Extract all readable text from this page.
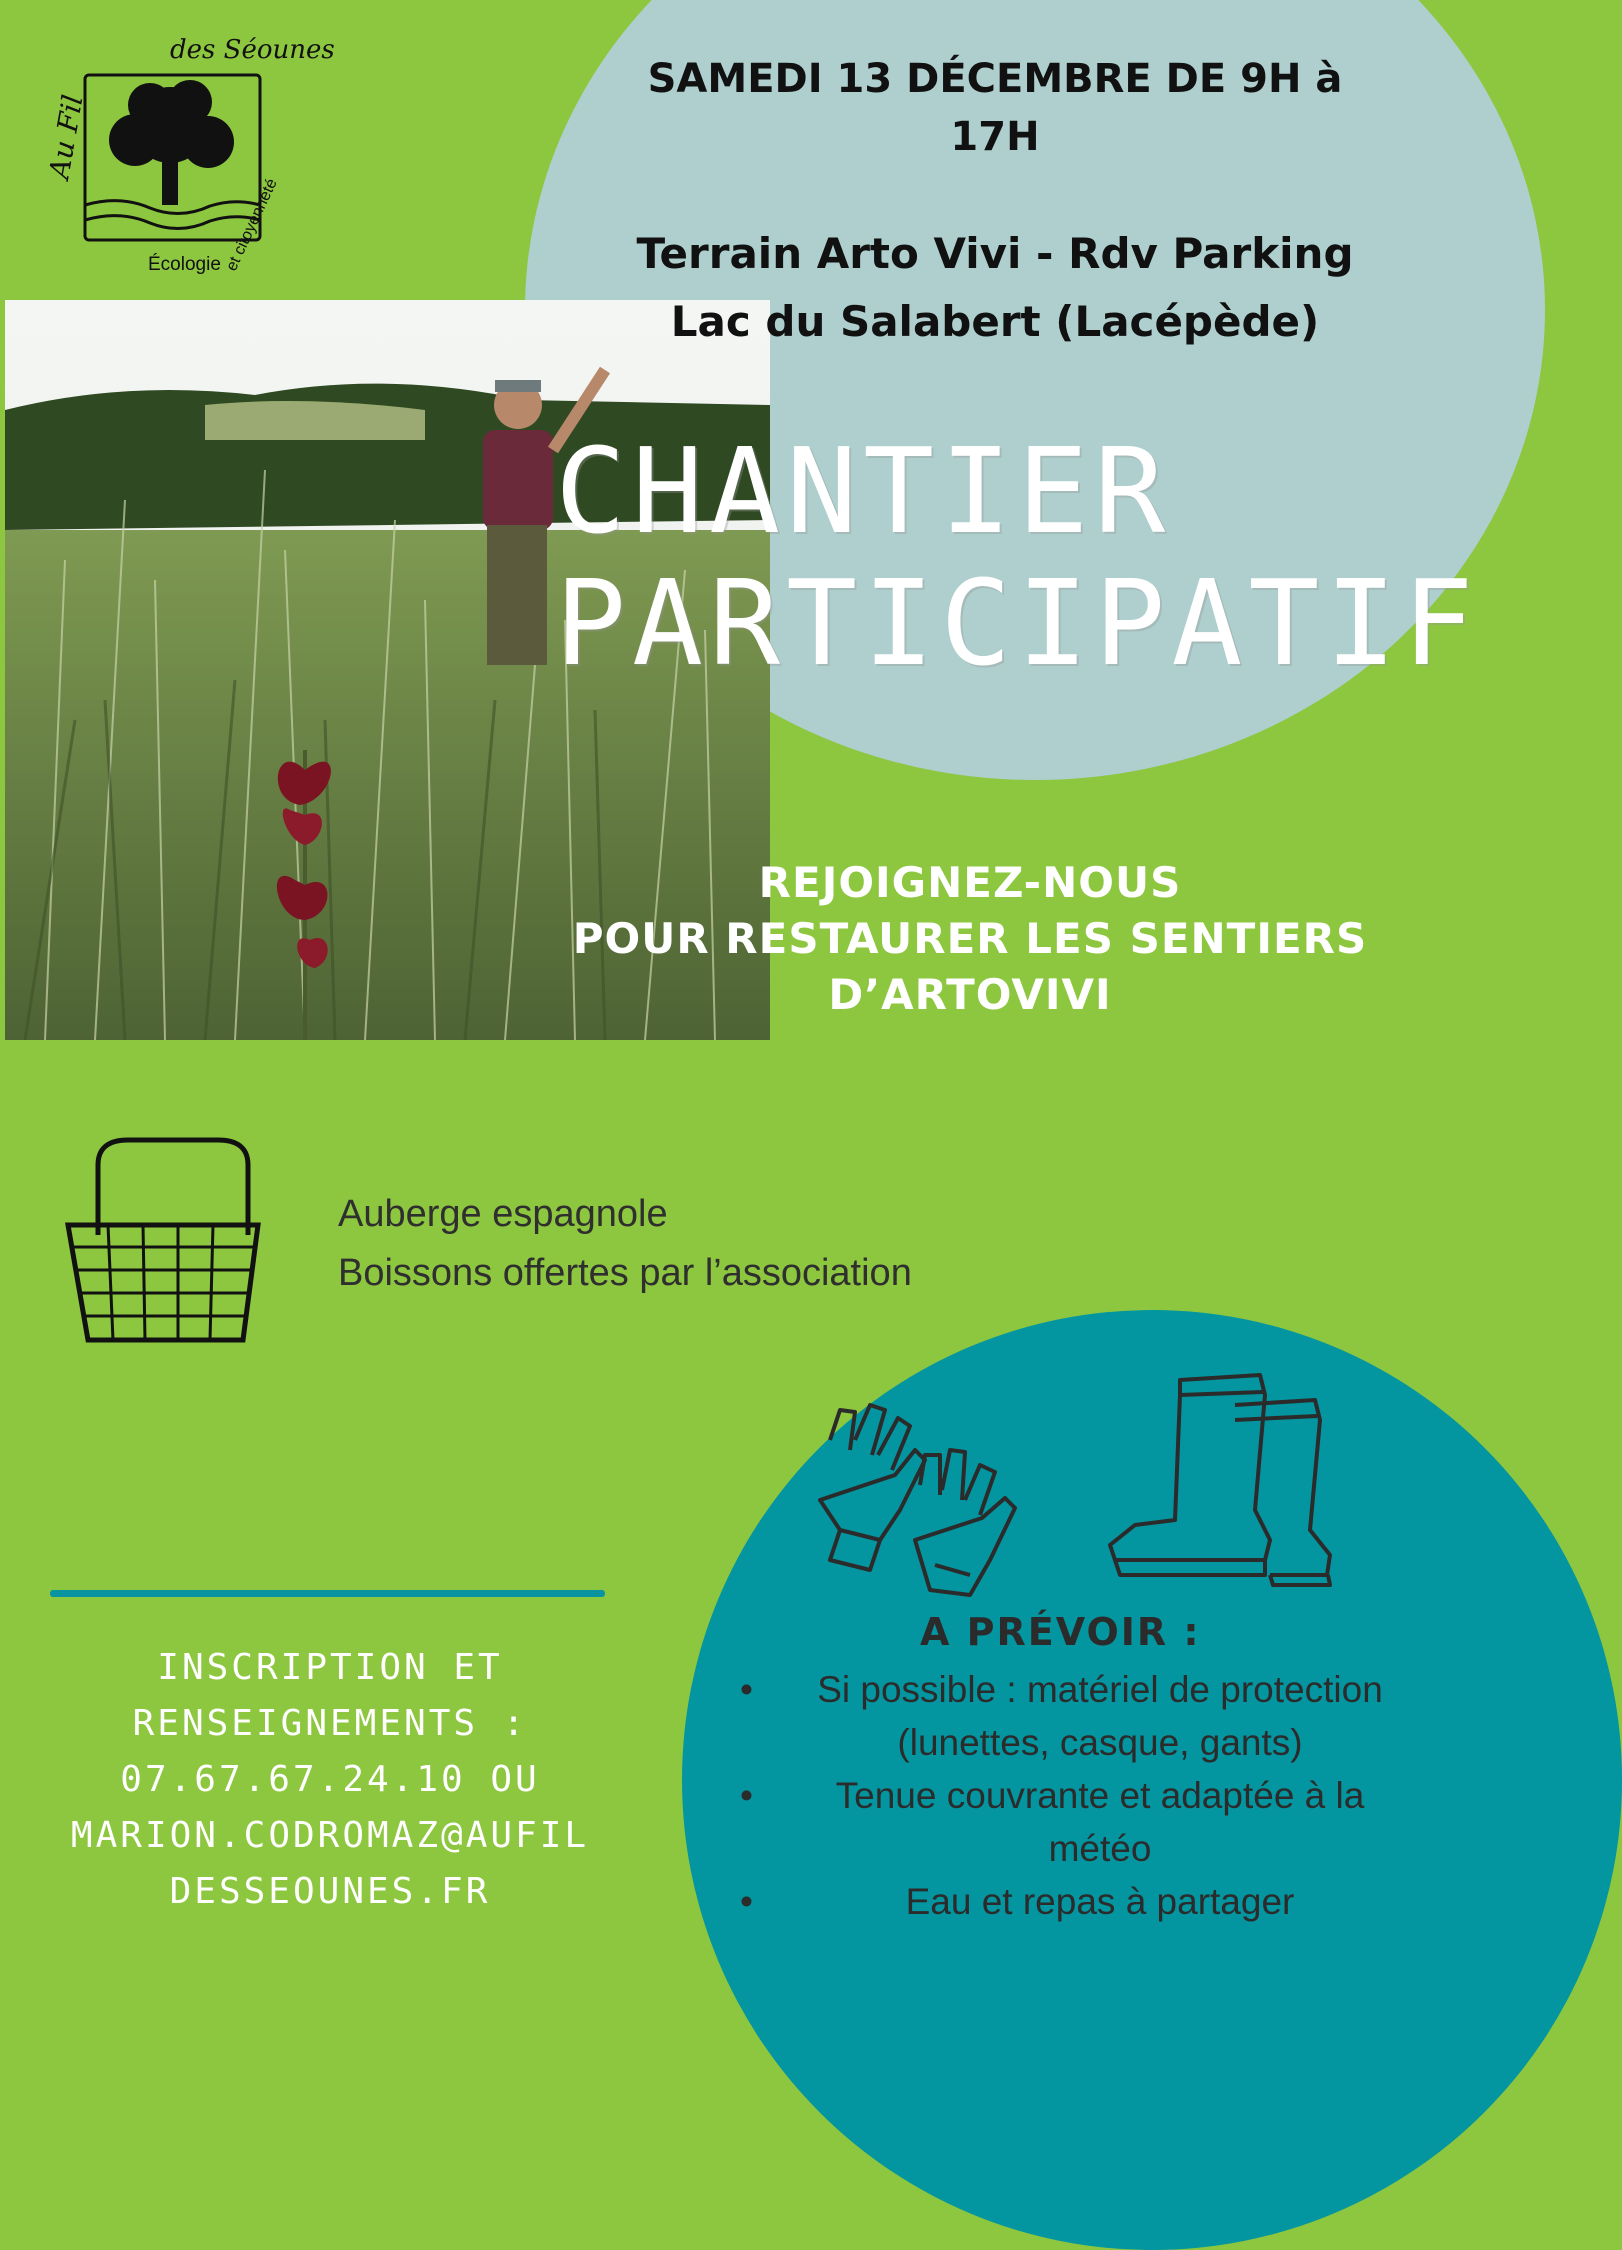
des Séounes
Au Fil
Écologie et citoyenneté
SAMEDI 13 DÉCEMBRE DE 9H à
17H
Terrain Arto Vivi - Rdv Parking
Lac du Salabert (Lacépède)
CHANTIER
PARTICIPATIF
REJOIGNEZ-NOUS
POUR RESTAURER LES SENTIERS
D’ARTOVIVI
Auberge espagnole
Boissons offertes par l’association
INSCRIPTION ET
RENSEIGNEMENTS :
07.67.67.24.10 OU
MARION.CODROMAZ@AUFIL
DESSEOUNES.FR
A PRÉVOIR :
• Si possible : matériel de protection (lunettes, casque, gants)
• Tenue couvrante et adaptée à la météo
•	Eau et repas à partager
